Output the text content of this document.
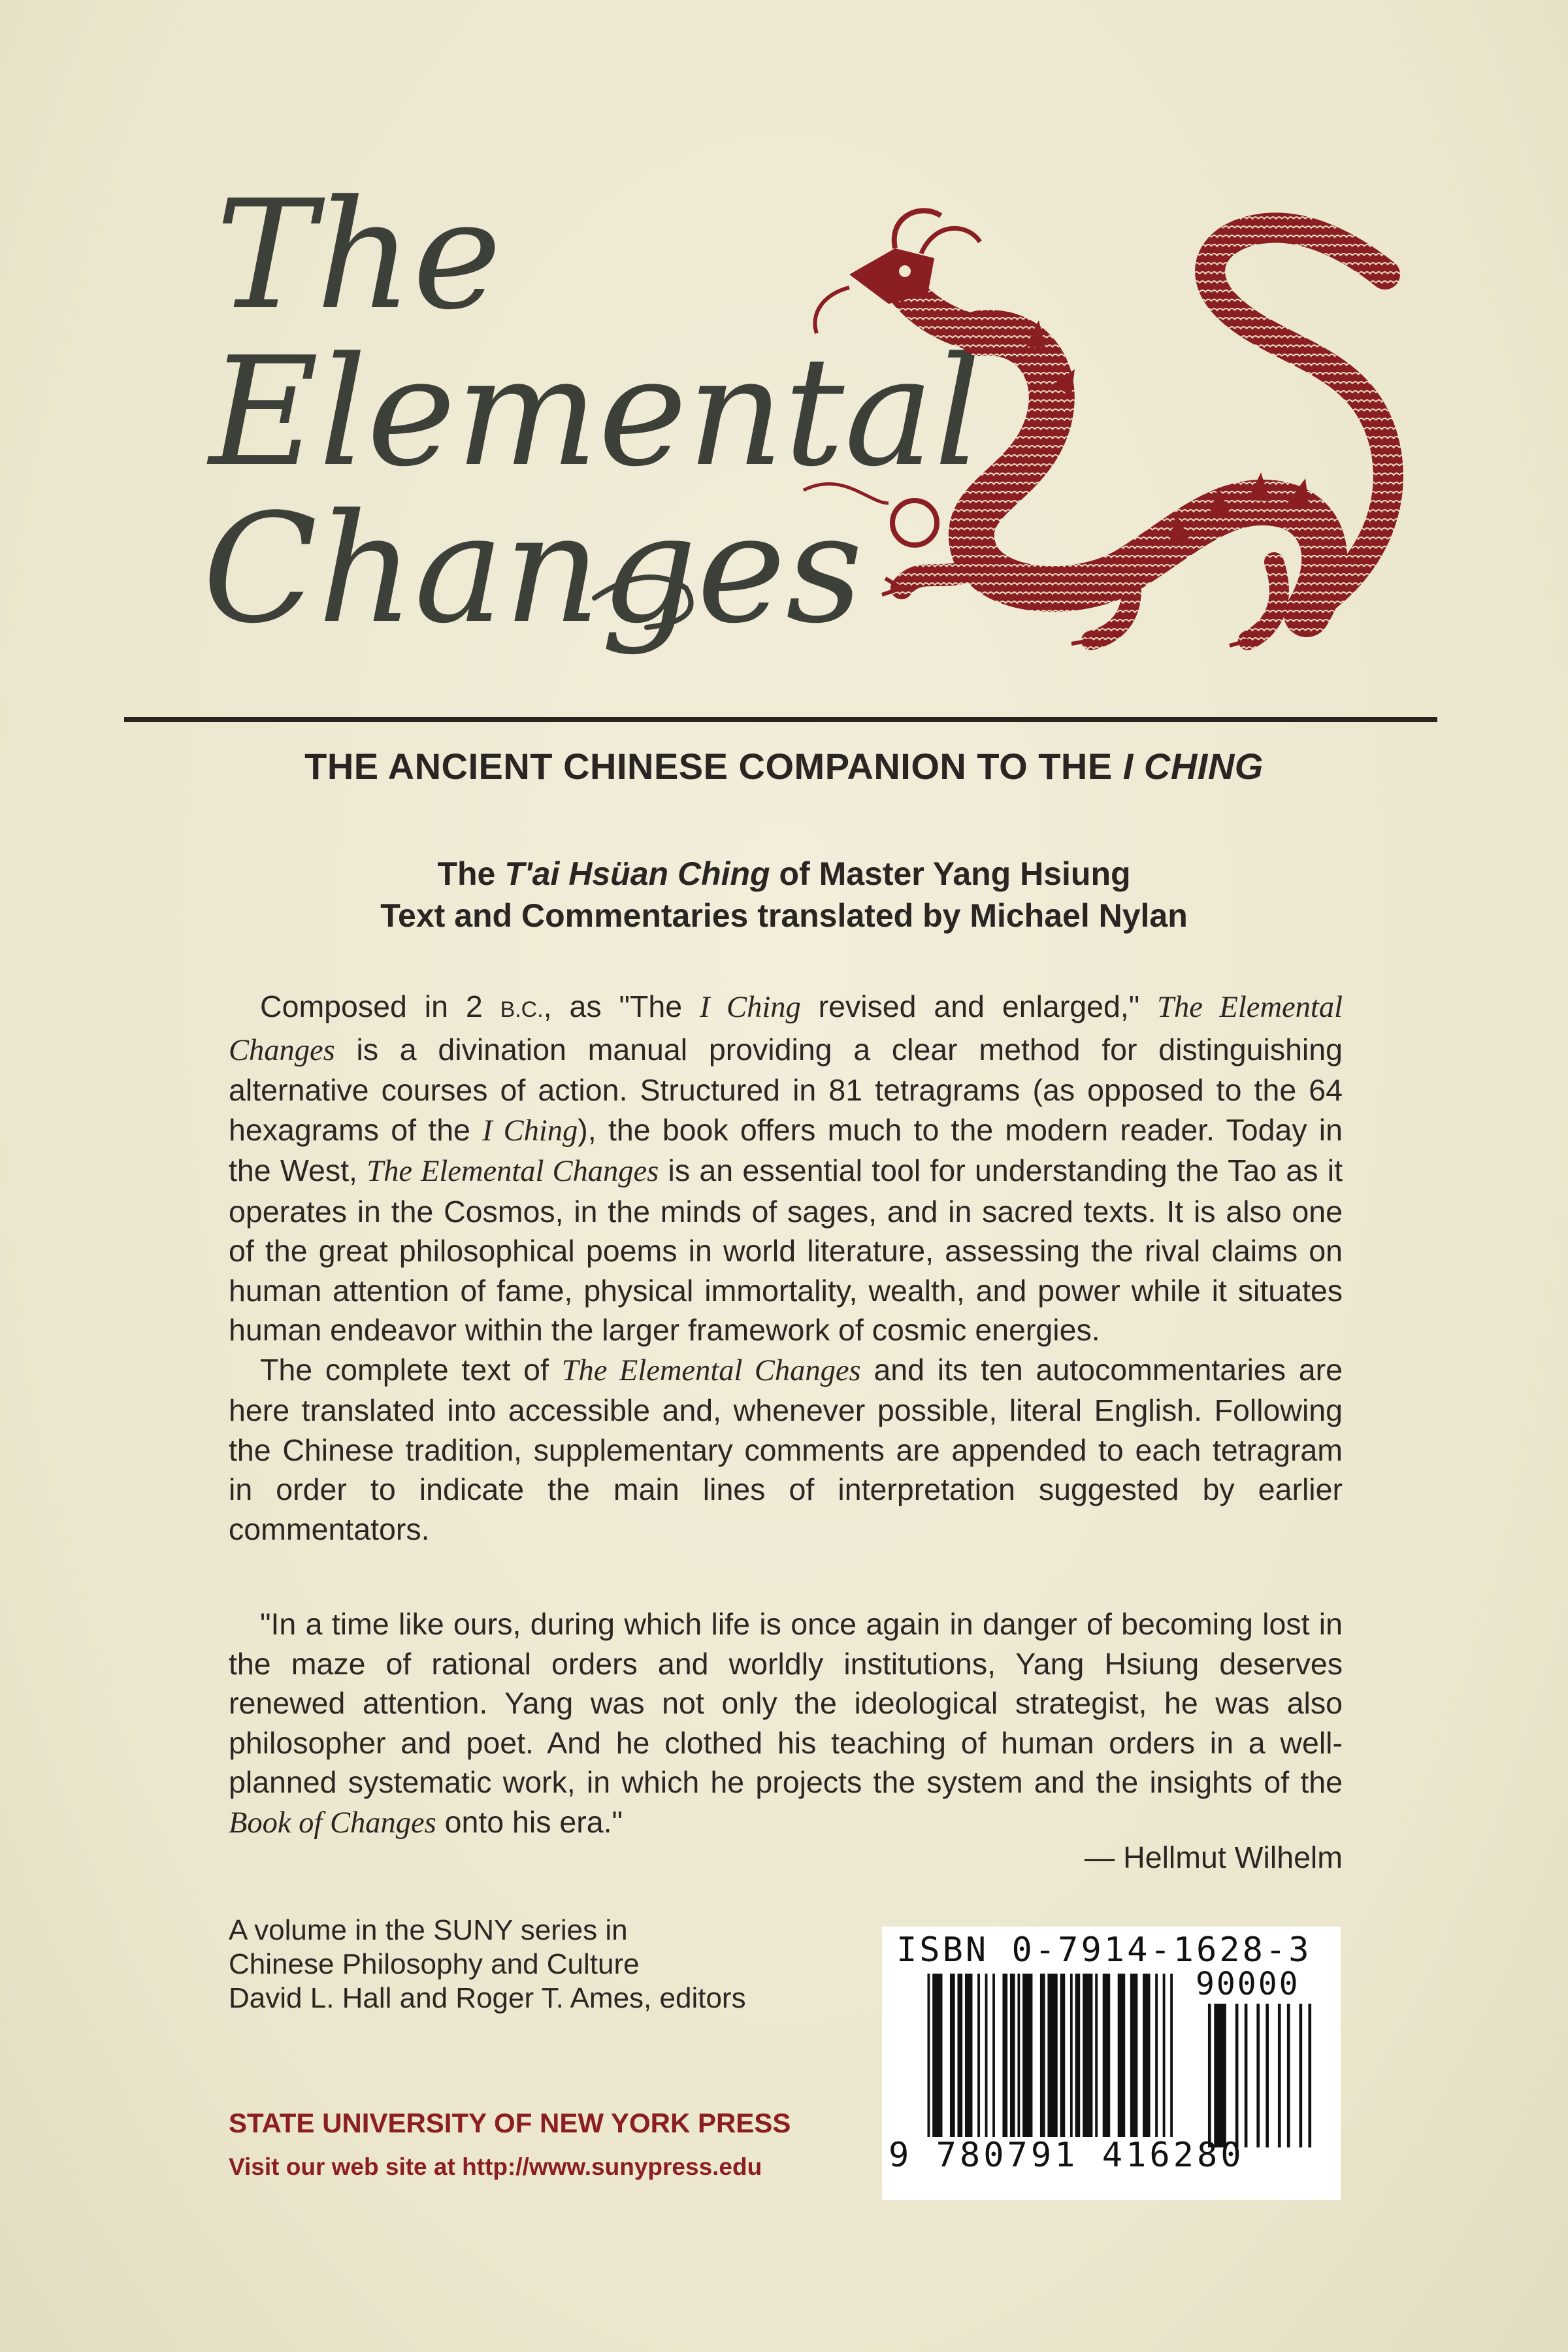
The
Elemental
Changes
THE ANCIENT CHINESE COMPANION TO THE I CHING
The T'ai Hsüan Ching of Master Yang Hsiung
Text and Commentaries translated by Michael Nylan

Composed in 2 B.C., as "The I Ching revised and enlarged," The Elemental Changes is a divination manual providing a clear method for distinguishing alternative courses of action. Structured in 81 tetragrams (as opposed to the 64 hexagrams of the I Ching), the book offers much to the modern reader. Today in the West, The Elemental Changes is an essential tool for understanding the Tao as it operates in the Cosmos, in the minds of sages, and in sacred texts. It is also one of the great philosophical poems in world literature, assessing the rival claims on human attention of fame, physical immortality, wealth, and power while it situates human endeavor within the larger framework of cosmic energies.

The complete text of The Elemental Changes and its ten autocommentaries are here translated into accessible and, whenever possible, literal English. Following the Chinese tradition, supplementary comments are appended to each tetragram in order to indicate the main lines of interpretation suggested by earlier commentators.

"In a time like ours, during which life is once again in danger of becoming lost in the maze of rational orders and worldly institutions, Yang Hsiung deserves renewed attention. Yang was not only the ideological strategist, he was also philosopher and poet. And he clothed his teaching of human orders in a well-planned systematic work, in which he projects the system and the insights of the Book of Changes onto his era."

— Hellmut Wilhelm
A volume in the SUNY series in
Chinese Philosophy and Culture
David L. Hall and Roger T. Ames, editors
STATE UNIVERSITY OF NEW YORK PRESS
Visit our web site at http://www.sunypress.edu
ISBN 0-7914-1628-3
90000
9 780791 416280
